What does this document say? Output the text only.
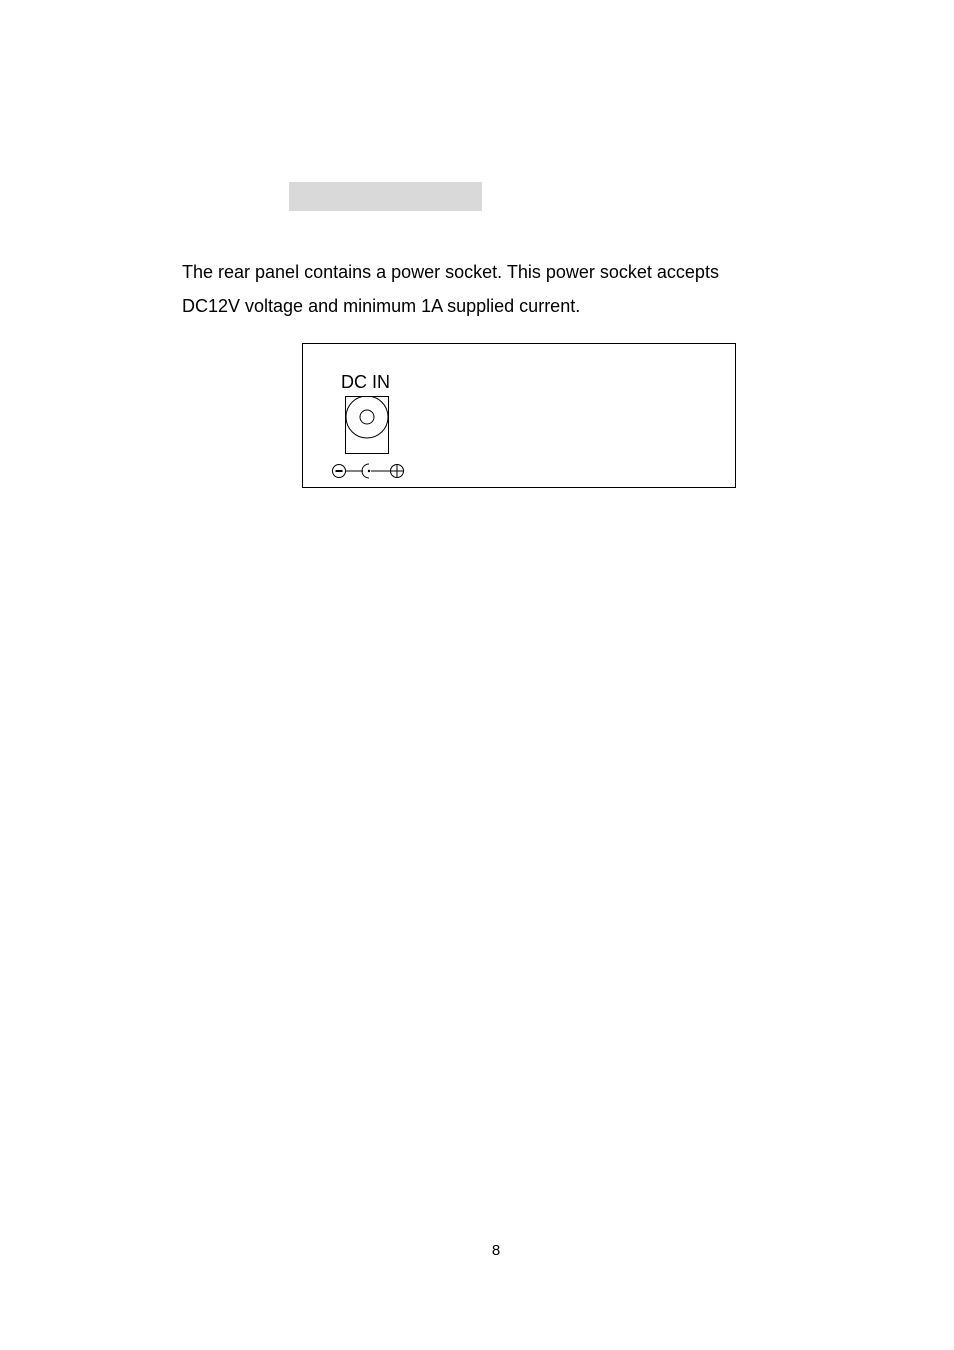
The rear panel contains a power socket. This power socket accepts
DC12V voltage and minimum 1A supplied current.

DC IN
8
